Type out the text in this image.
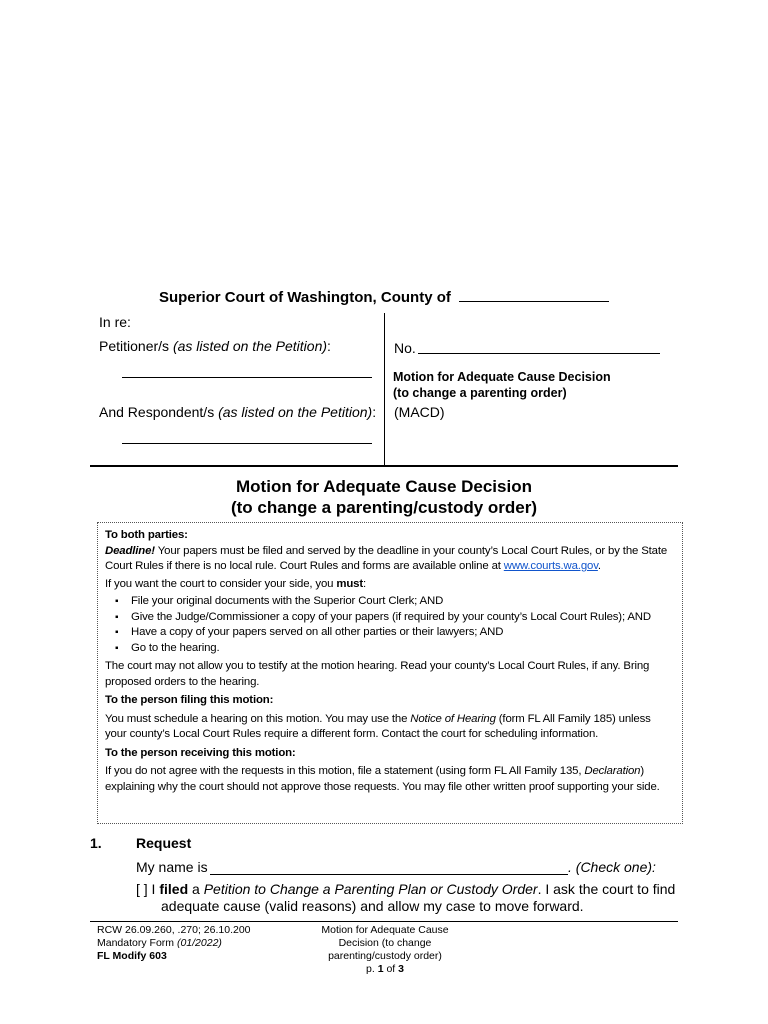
Superior Court of Washington, County of
In re:
Petitioner/s (as listed on the Petition):
And Respondent/s (as listed on the Petition):
No.
Motion for Adequate Cause Decision
(to change a parenting order)
(MACD)
Motion for Adequate Cause Decision
(to change a parenting/custody order)

To both parties:

Deadline! Your papers must be filed and served by the deadline in your county’s Local Court Rules, or by the State Court Rules if there is no local rule. Court Rules and forms are available online at www.courts.wa.gov.

If you want the court to consider your side, you must:

▪ File your original documents with the Superior Court Clerk; AND
▪ Give the Judge/Commissioner a copy of your papers (if required by your county’s Local Court Rules); AND
▪ Have a copy of your papers served on all other parties or their lawyers; AND
▪ Go to the hearing.

The court may not allow you to testify at the motion hearing. Read your county’s Local Court Rules, if any. Bring proposed orders to the hearing.

To the person filing this motion:

You must schedule a hearing on this motion. You may use the Notice of Hearing (form FL All Family 185) unless your county’s Local Court Rules require a different form. Contact the court for scheduling information.

To the person receiving this motion:

If you do not agree with the requests in this motion, file a statement (using form FL All Family 135, Declaration) explaining why the court should not approve those requests. You may file other written proof supporting your side.

1. Request
My name is	. (Check one):
[ ] I filed a Petition to Change a Parenting Plan or Custody Order. I ask the court to find
adequate cause (valid reasons) and allow my case to move forward.
RCW 26.09.260, .270; 26.10.200
Mandatory Form (01/2022)
FL Modify 603
Motion for Adequate Cause
Decision (to change
parenting/custody order)
p. 1 of 3
